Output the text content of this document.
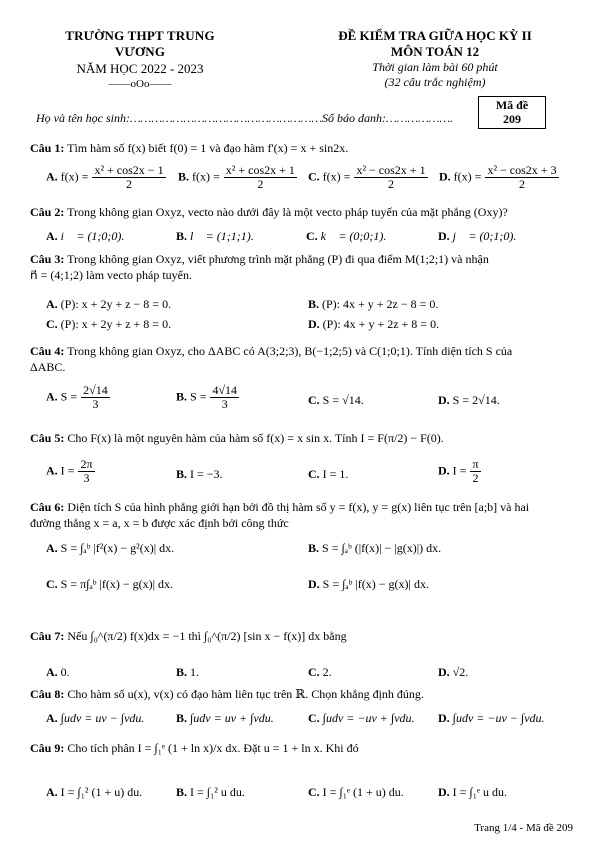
TRƯỜNG THPT TRUNG VƯƠNG
NĂM HỌC 2022 - 2023
——oOo——
ĐỀ KIỂM TRA GIỮA HỌC KỲ II
MÔN TOÁN 12
Thời gian làm bài 60 phút
(32 câu trắc nghiệm)
Họ và tên học sinh:………………………………………………Số báo danh:……………….
Mã đề
209
Câu 1: Tìm hàm số f(x) biết f(0) = 1 và đạo hàm f'(x) = x + sin2x.
A. $f(x) = \frac{\text{x² + cos2x − 1}}{2} B$. $f(x) = \frac{\text{x² + cos2x + 1}}{2} C$. $f(x) = \frac{\text{x² − cos2x + 1}}{2} D$. $f(x) = \frac{\text{x² − cos2x + 3}}{2}$
Câu 2: Trong không gian Oxyz, vecto nào dưới đây là một vecto pháp tuyến của mặt phẳng (Oxy)?
A. i⃗ = (1;0;0).	B. l⃗ = (1;1;1).	C. k⃗ = (0;0;1).	D. j⃗ = (0;1;0).
Câu 3: Trong không gian Oxyz, viết phương trình mặt phẳng (P) đi qua điểm M(1;2;1) và nhận
n⃗ = (4;1;2) làm vecto pháp tuyến.
A. (P): x + 2y + z − 8 = 0.	B. (P): 4x + y + 2z − 8 = 0.
C. (P): x + 2y + z + 8 = 0.	D. (P): 4x + y + 2z + 8 = 0.
Câu 4: Trong không gian Oxyz, cho ΔABC có A(3;2;3), B(−1;2;5) và C(1;0;1). Tính diện tích S của
ΔABC.
A. $S = \frac{2√14}{3}$	B. $S = \frac{4√14}{3}$	C. S = √14.	D. S = 2√14.
Câu 5: Cho F(x) là một nguyên hàm của hàm số f(x) = x sin x. Tính I = F(π/2) − F(0).
A. $I = \frac{2\pi}{3}$	B. I = −3.	C. I = 1.	D. $I = \frac{\pi}{2}$
Câu 6: Diện tích S của hình phẳng giới hạn bởi đồ thị hàm số y = f(x), y = g(x) liên tục trên [a;b] và hai
đường thẳng x = a, x = b được xác định bởi công thức
A. S = ∫ₐᵇ |f²(x) − g²(x)| dx.	B. S = ∫ₐᵇ (|f(x)| − |g(x)|) dx.
C. S = π∫ₐᵇ |f(x) − g(x)| dx.	D. S = ∫ₐᵇ |f(x) − g(x)| dx.
Câu 7: Nếu ∫₀^(π/2) f(x)dx = −1 thì ∫₀^(π/2) [sin x − f(x)] dx bằng
A. 0.	B. 1.	C. 2.	D. √2.
Câu 8: Cho hàm số u(x), v(x) có đạo hàm liên tục trên ℝ. Chọn khẳng định đúng.
A. ∫udv = uv − ∫vdu.	B. ∫udv = uv + ∫vdu.	C. ∫udv = −uv + ∫vdu. D. ∫udv = −uv − ∫vdu.
Câu 9: Cho tích phân I = ∫₁ᵉ (1 + ln x)/x dx. Đặt u = 1 + ln x. Khi đó
A. I = ∫₁² (1 + u) du.	B. I = ∫₁² u du.	C. I = ∫₁ᵉ (1 + u) du.	D. I = ∫₁ᵉ u du.
Trang 1/4 - Mã đề 209
